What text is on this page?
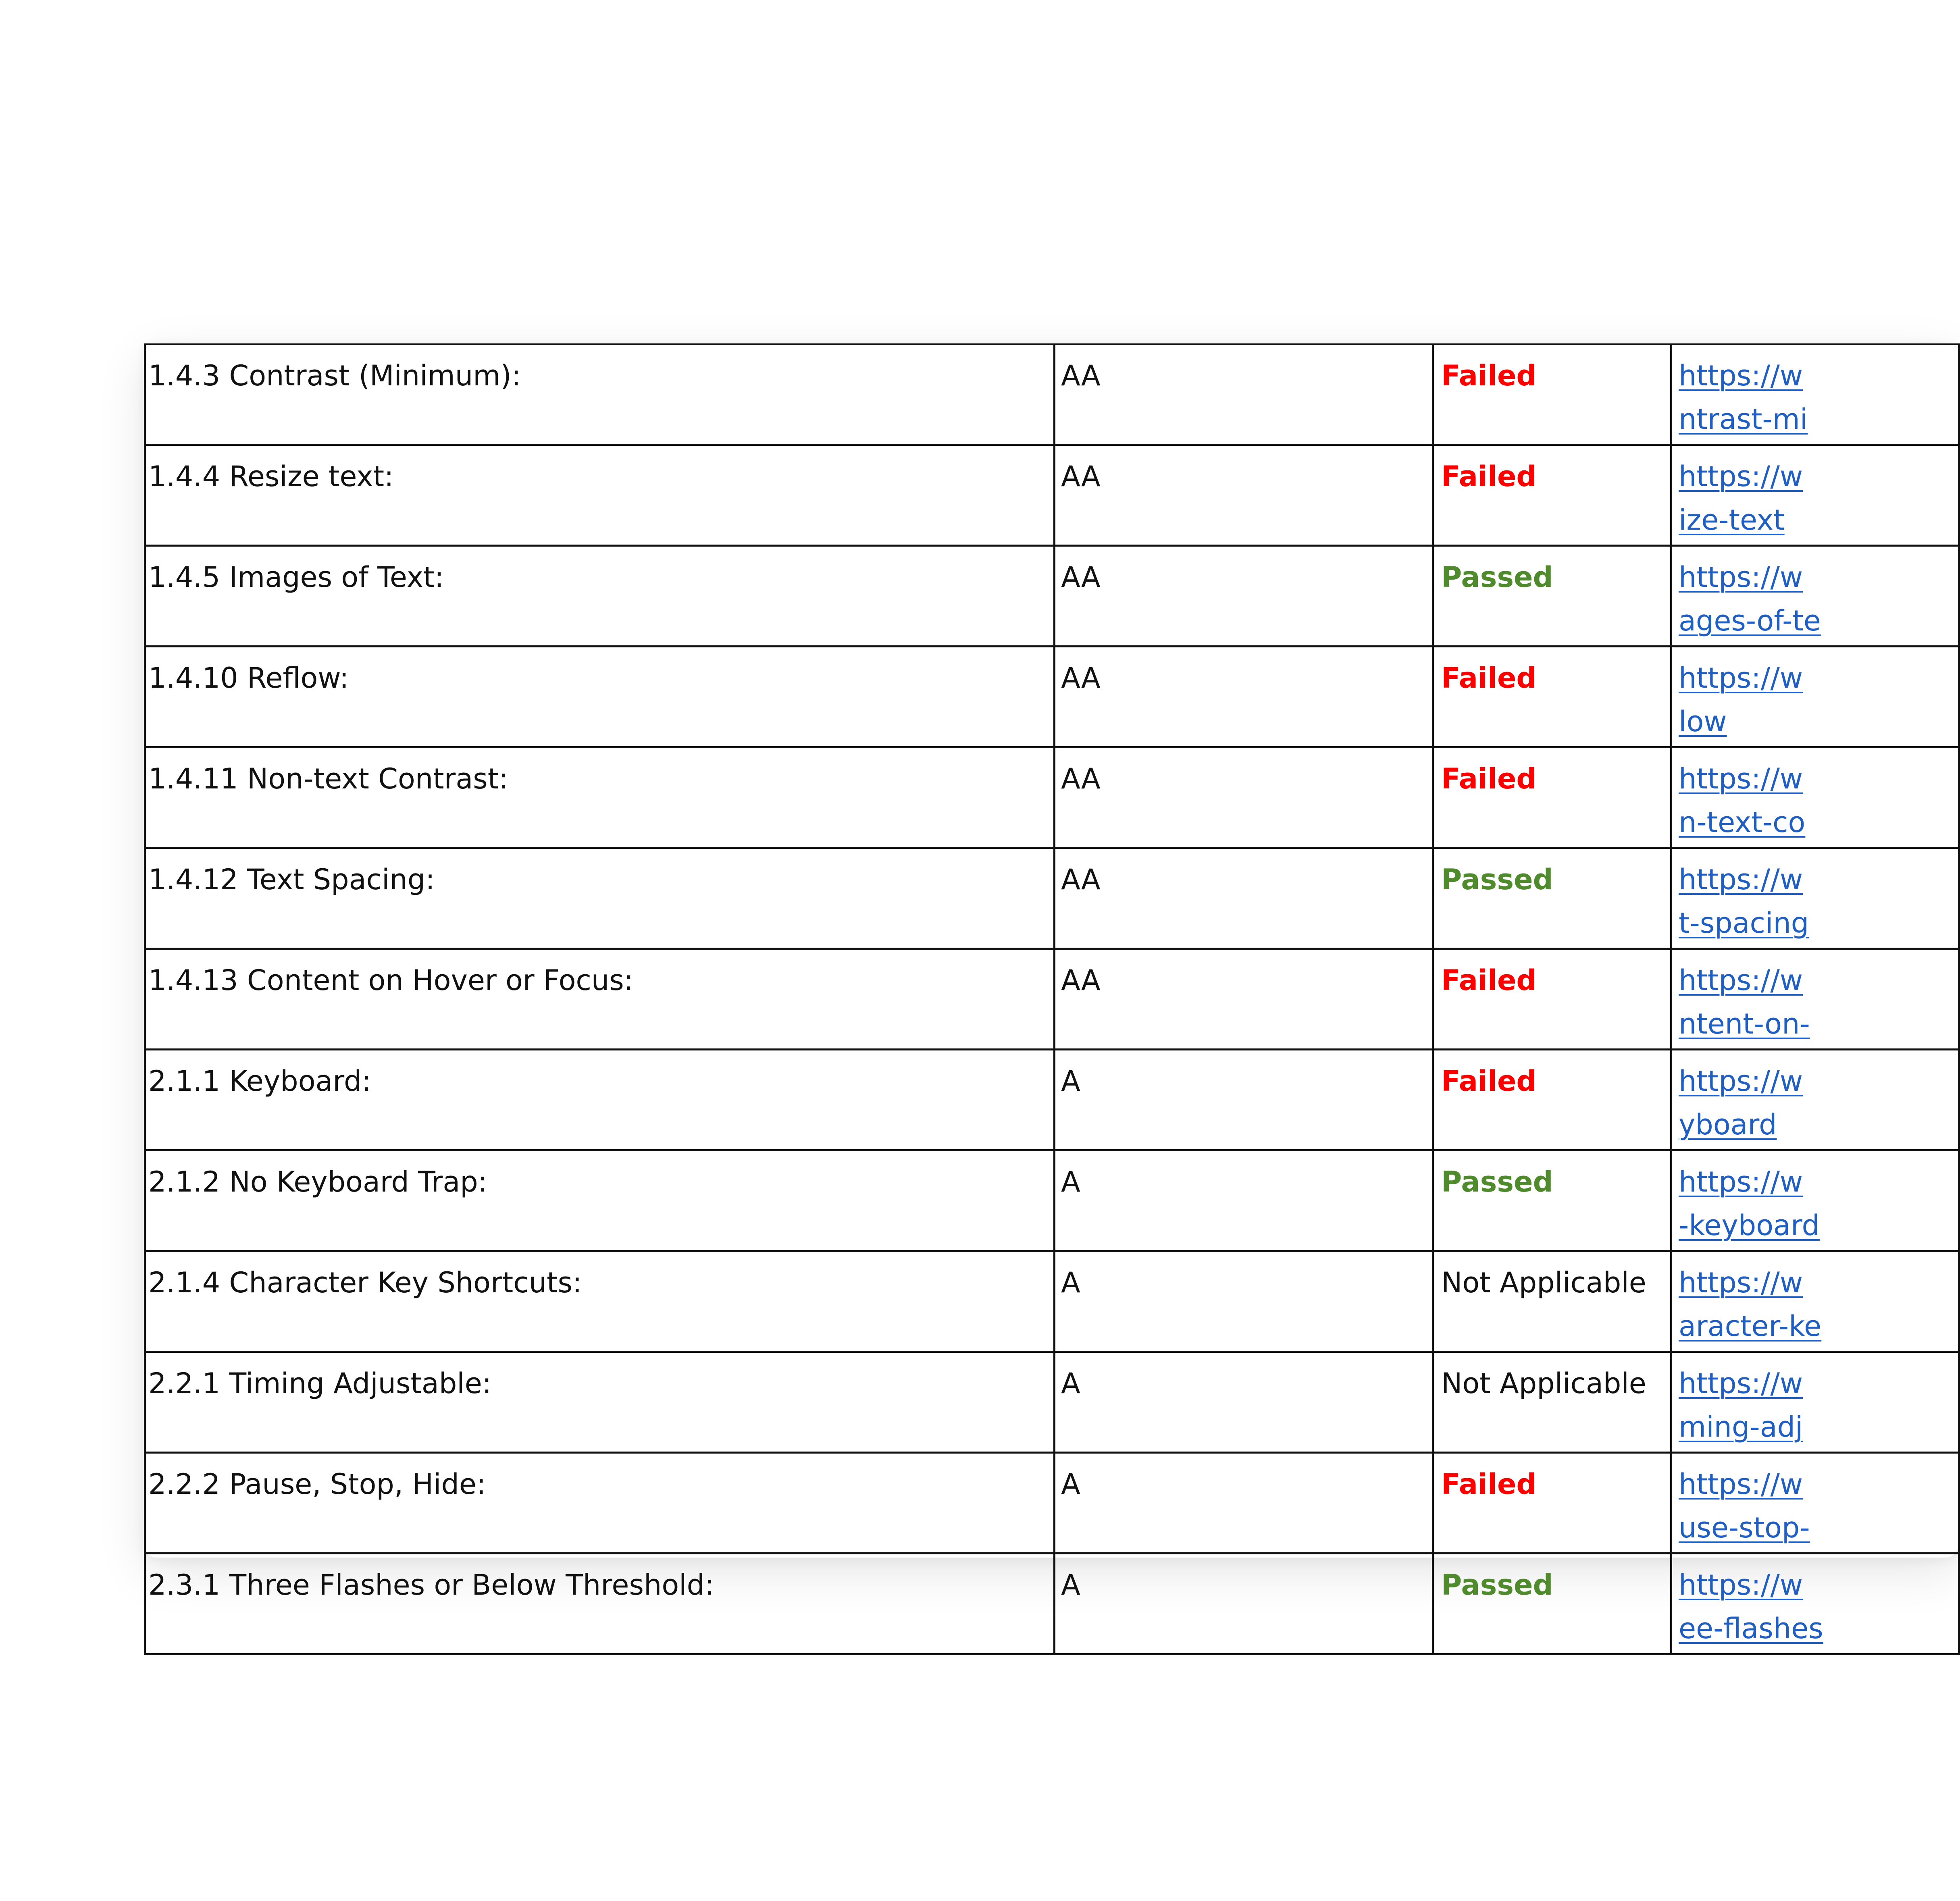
1.4.3 Contrast (Minimum):	AA	Failed	https://w
ntrast-mi

1.4.4 Resize text:	AA	Failed	https://w
ize-text

1.4.5 Images of Text:	AA	Passed	https://w
ages-of-te

1.4.10 Reflow:	AA	Failed	https://w
low

1.4.11 Non-text Contrast:	AA	Failed	https://w
n-text-co

1.4.12 Text Spacing:	AA	Passed	https://w
t-spacing

1.4.13 Content on Hover or Focus:	AA	Failed	https://w
ntent-on-

2.1.1 Keyboard:	A	Failed	https://w
yboard

2.1.2 No Keyboard Trap:	A	Passed	https://w
-keyboard

2.1.4 Character Key Shortcuts:	A	Not Applicable	https://w
aracter-ke

2.2.1 Timing Adjustable:	A	Not Applicable	https://w
ming-adj

2.2.2 Pause, Stop, Hide:	A	Failed	https://w
use-stop-

2.3.1 Three Flashes or Below Threshold:	A	Passed	https://w
ee-flashes
